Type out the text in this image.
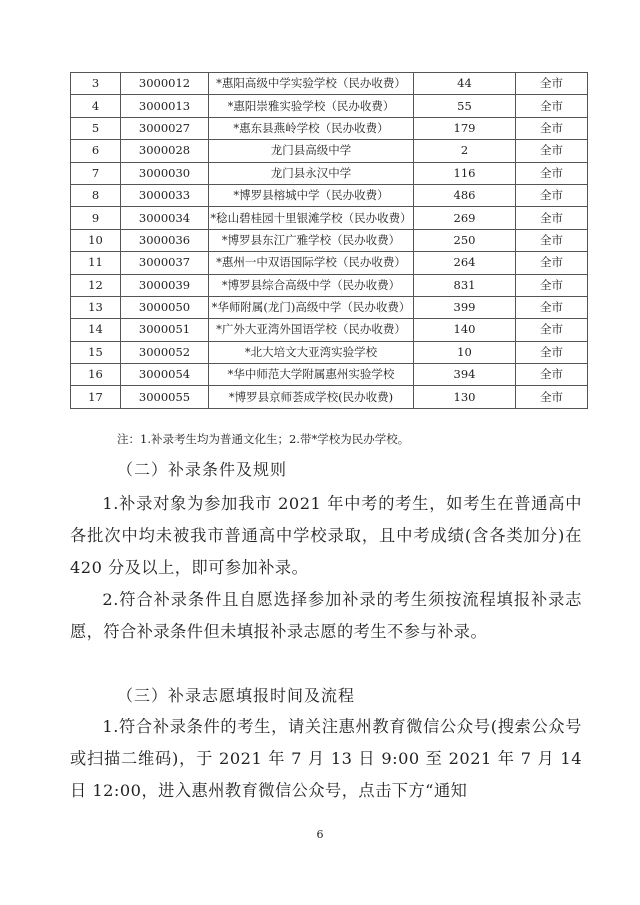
3	3000012	*惠阳高级中学实验学校（民办收费）	44	全市
4	3000013	*惠阳崇雅实验学校（民办收费）	55	全市
5	3000027	*惠东县燕岭学校（民办收费）	179	全市
6	3000028	龙门县高级中学	2	全市
7	3000030	龙门县永汉中学	116	全市
8	3000033	*博罗县榕城中学（民办收费）	486	全市
9	3000034	*稔山碧桂园十里银滩学校（民办收费）	269	全市
10	3000036	*博罗县东江广雅学校（民办收费）	250	全市
11	3000037	*惠州一中双语国际学校（民办收费）	264	全市
12	3000039	*博罗县综合高级中学（民办收费）	831	全市
13	3000050	*华师附属(龙门)高级中学（民办收费）	399	全市
14	3000051	*广外大亚湾外国语学校（民办收费）	140	全市
15	3000052	*北大培文大亚湾实验学校	10	全市
16	3000054	*华中师范大学附属惠州实验学校	394	全市
17	3000055	*博罗县京师荟成学校(民办收费)	130	全市
注：1.补录考生均为普通文化生；2.带*学校为民办学校。
（二）补录条件及规则

1.补录对象为参加我市 2021 年中考的考生，如考生在普通高中各批次中均未被我市普通高中学校录取，且中考成绩(含各类加分)在 420 分及以上，即可参加补录。

2.符合补录条件且自愿选择参加补录的考生须按流程填报补录志愿，符合补录条件但未填报补录志愿的考生不参与补录。

（三）补录志愿填报时间及流程

1.符合补录条件的考生，请关注惠州教育微信公众号(搜索公众号或扫描二维码)，于 2021 年 7 月 13 日 9:00 至 2021 年 7 月 14 日 12:00，进入惠州教育微信公众号，点击下方“通知

6
